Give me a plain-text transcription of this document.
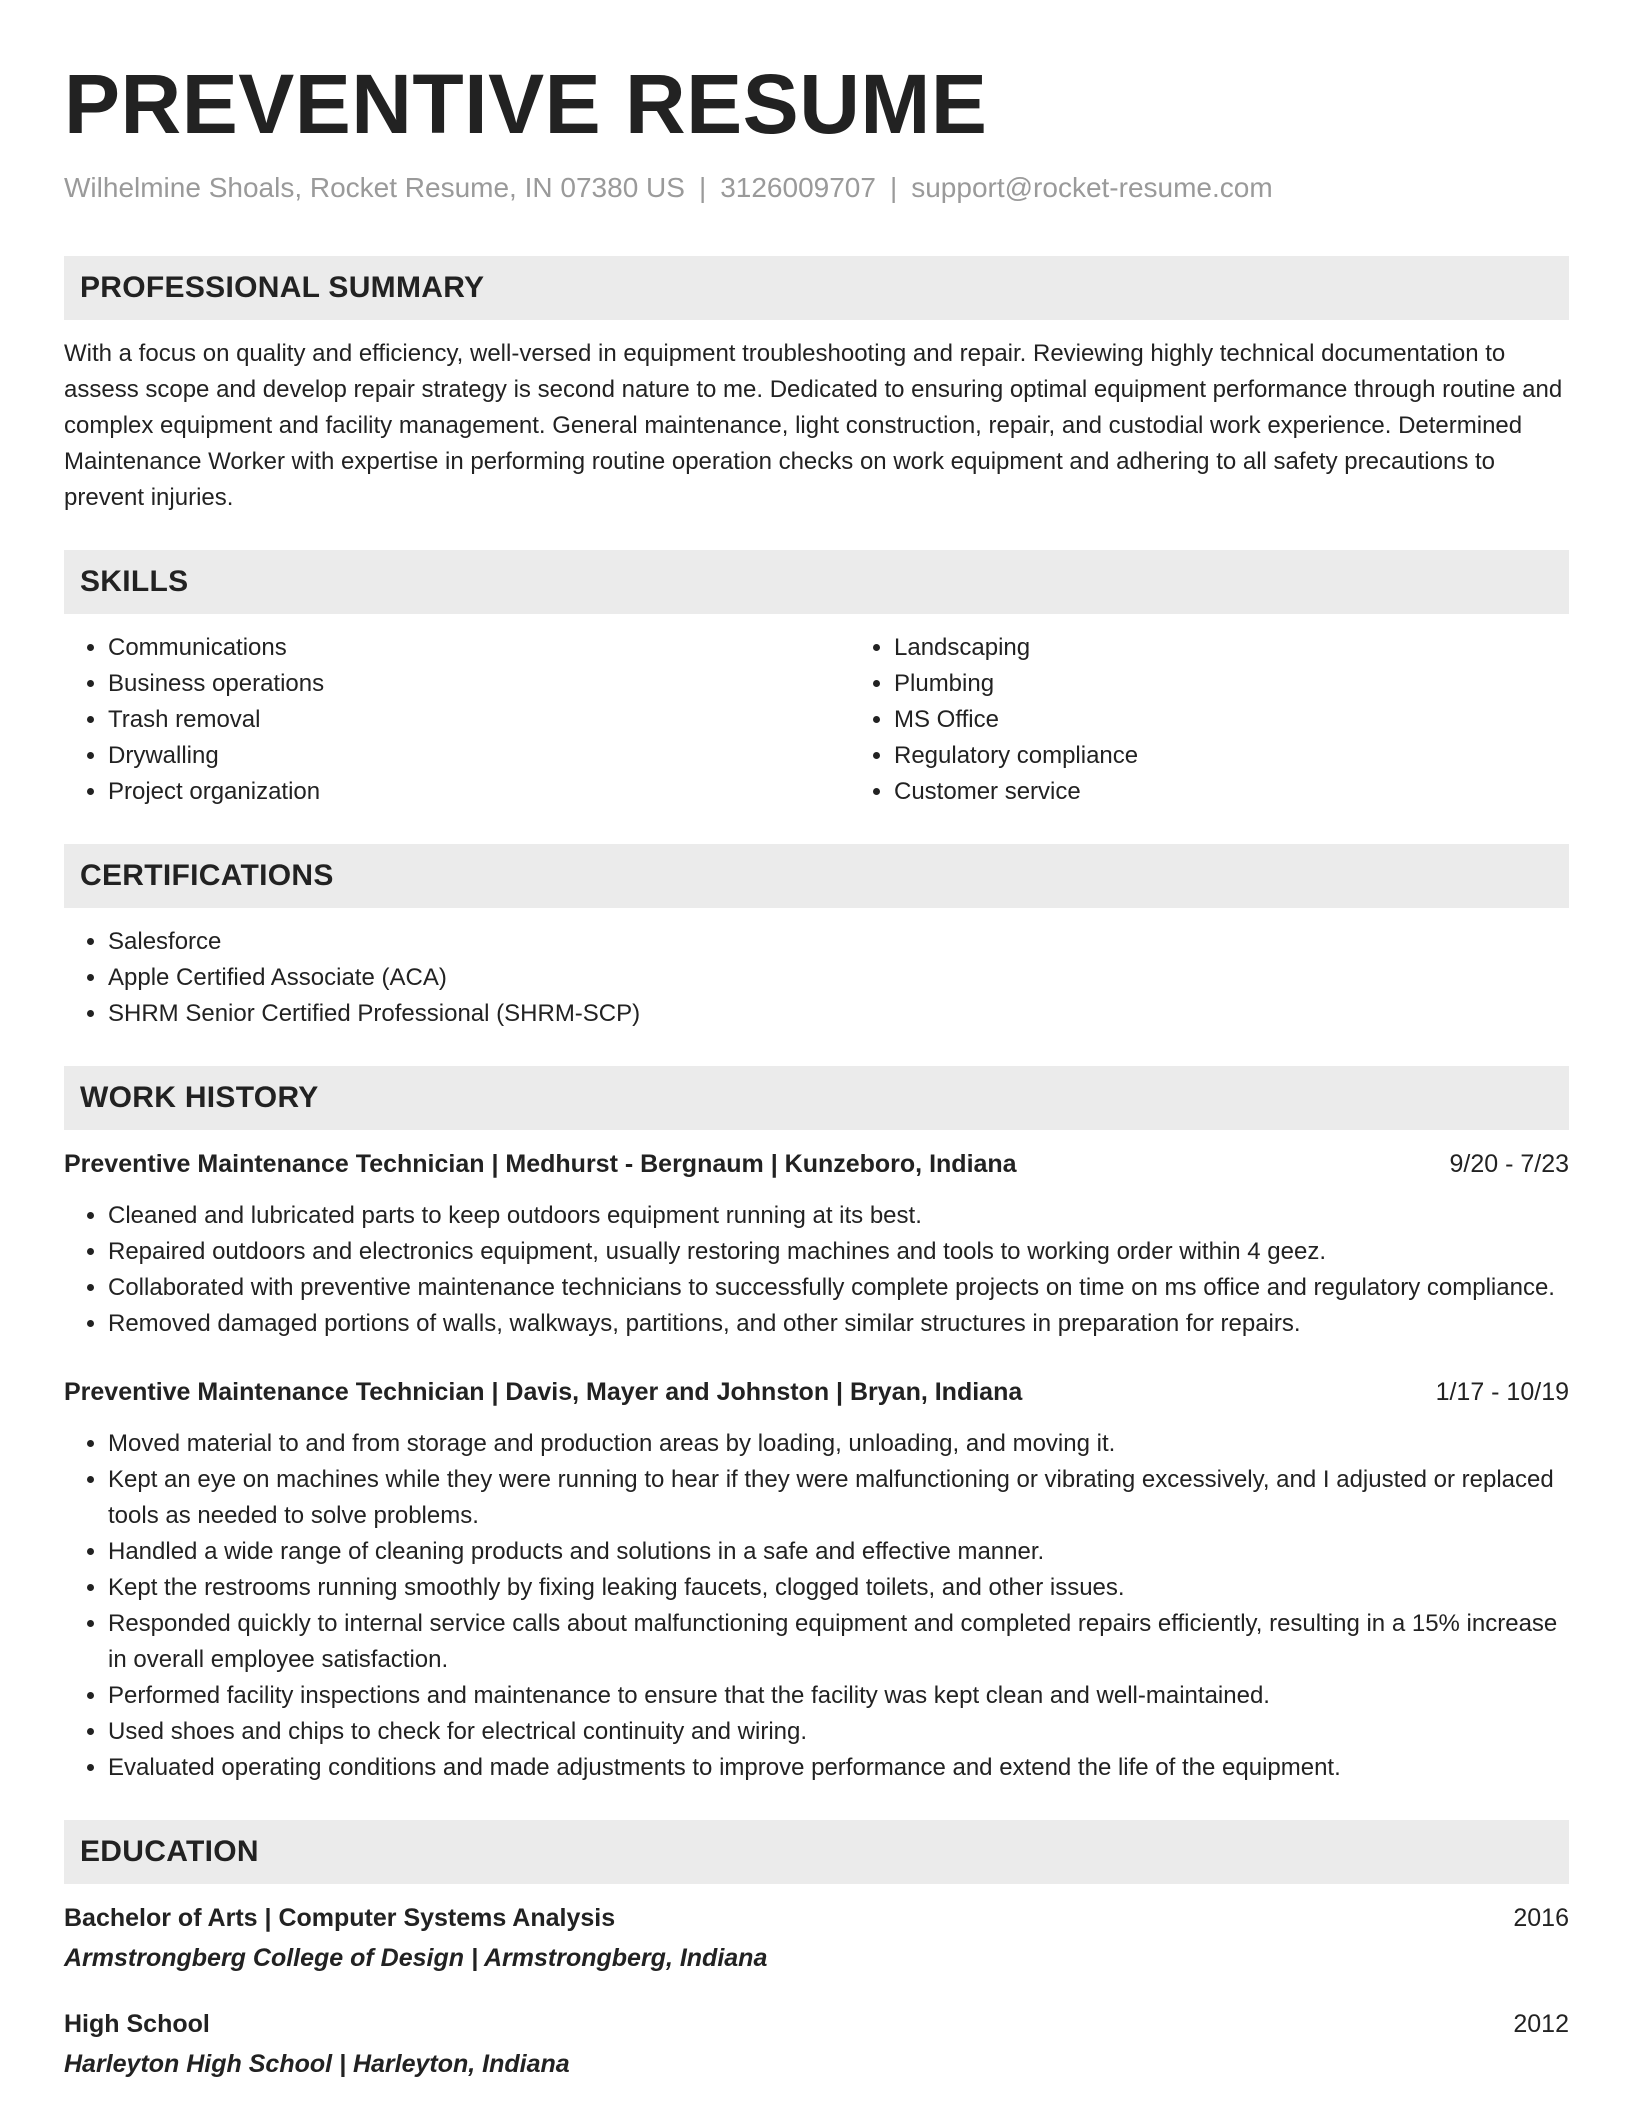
PREVENTIVE RESUME
Wilhelmine Shoals, Rocket Resume, IN 07380 US | 3126009707 | support@rocket-resume.com
PROFESSIONAL SUMMARY
With a focus on quality and efficiency, well-versed in equipment troubleshooting and repair. Reviewing highly technical documentation to assess scope and develop repair strategy is second nature to me. Dedicated to ensuring optimal equipment performance through routine and complex equipment and facility management. General maintenance, light construction, repair, and custodial work experience. Determined Maintenance Worker with expertise in performing routine operation checks on work equipment and adhering to all safety precautions to prevent injuries.
SKILLS
• Communications
• Business operations
• Trash removal
• Drywalling
• Project organization
• Landscaping
• Plumbing
• MS Office
• Regulatory compliance
• Customer service
CERTIFICATIONS
• Salesforce
• Apple Certified Associate (ACA)
• SHRM Senior Certified Professional (SHRM-SCP)
WORK HISTORY
Preventive Maintenance Technician | Medhurst - Bergnaum | Kunzeboro, Indiana	9/20 - 7/23
• Cleaned and lubricated parts to keep outdoors equipment running at its best.
• Repaired outdoors and electronics equipment, usually restoring machines and tools to working order within 4 geez.
• Collaborated with preventive maintenance technicians to successfully complete projects on time on ms office and regulatory compliance.
• Removed damaged portions of walls, walkways, partitions, and other similar structures in preparation for repairs.
Preventive Maintenance Technician | Davis, Mayer and Johnston | Bryan, Indiana	1/17 - 10/19
• Moved material to and from storage and production areas by loading, unloading, and moving it.
• Kept an eye on machines while they were running to hear if they were malfunctioning or vibrating excessively, and I adjusted or replaced tools as needed to solve problems.
• Handled a wide range of cleaning products and solutions in a safe and effective manner.
• Kept the restrooms running smoothly by fixing leaking faucets, clogged toilets, and other issues.
• Responded quickly to internal service calls about malfunctioning equipment and completed repairs efficiently, resulting in a 15% increase in overall employee satisfaction.
• Performed facility inspections and maintenance to ensure that the facility was kept clean and well-maintained.
• Used shoes and chips to check for electrical continuity and wiring.
• Evaluated operating conditions and made adjustments to improve performance and extend the life of the equipment.
EDUCATION
Bachelor of Arts | Computer Systems Analysis	2016
Armstrongberg College of Design | Armstrongberg, Indiana
High School	2012
Harleyton High School | Harleyton, Indiana
